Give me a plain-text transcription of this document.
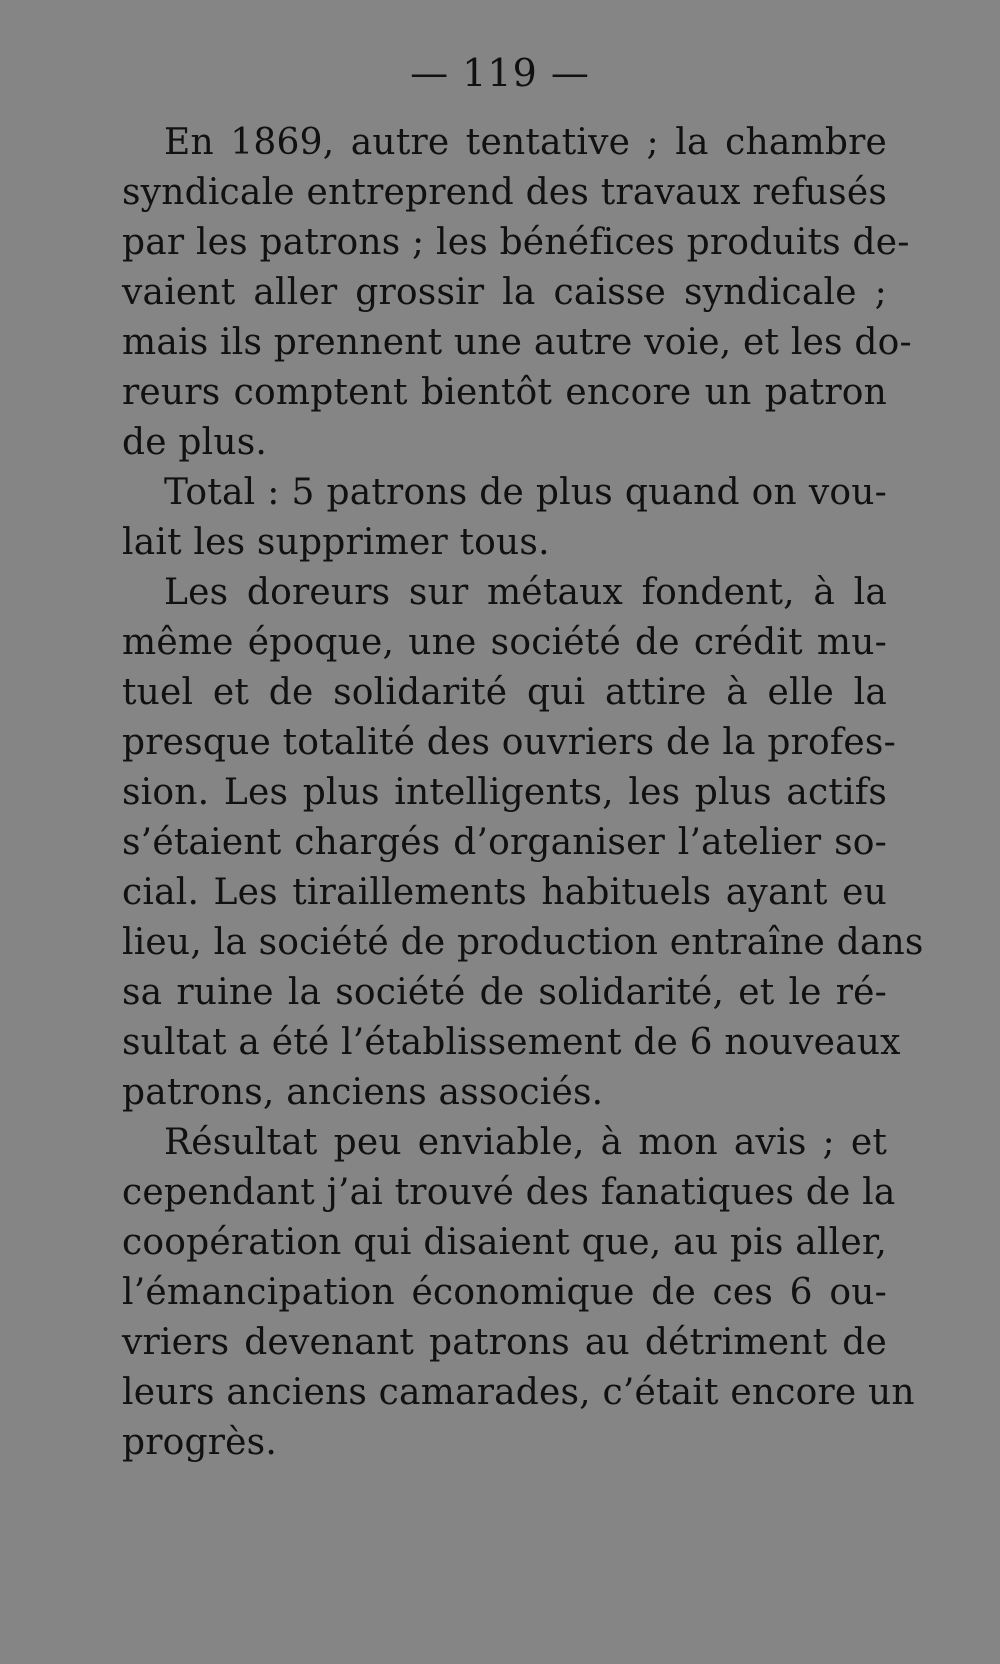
— 119 —
En 1869, autre tentative ; la chambre
syndicale entreprend des travaux refusés
par les patrons ; les bénéfices produits de-
vaient aller grossir la caisse syndicale ;
mais ils prennent une autre voie, et les do-
reurs comptent bientôt encore un patron
de plus.
Total : 5 patrons de plus quand on vou-
lait les supprimer tous.
Les doreurs sur métaux fondent, à la
même époque, une société de crédit mu-
tuel et de solidarité qui attire à elle la
presque totalité des ouvriers de la profes-
sion. Les plus intelligents, les plus actifs
s’étaient chargés d’organiser l’atelier so-
cial. Les tiraillements habituels ayant eu
lieu, la société de production entraîne dans
sa ruine la société de solidarité, et le ré-
sultat a été l’établissement de 6 nouveaux
patrons, anciens associés.
Résultat peu enviable, à mon avis ; et
cependant j’ai trouvé des fanatiques de la
coopération qui disaient que, au pis aller,
l’émancipation économique de ces 6 ou-
vriers devenant patrons au détriment de
leurs anciens camarades, c’était encore un
progrès.
